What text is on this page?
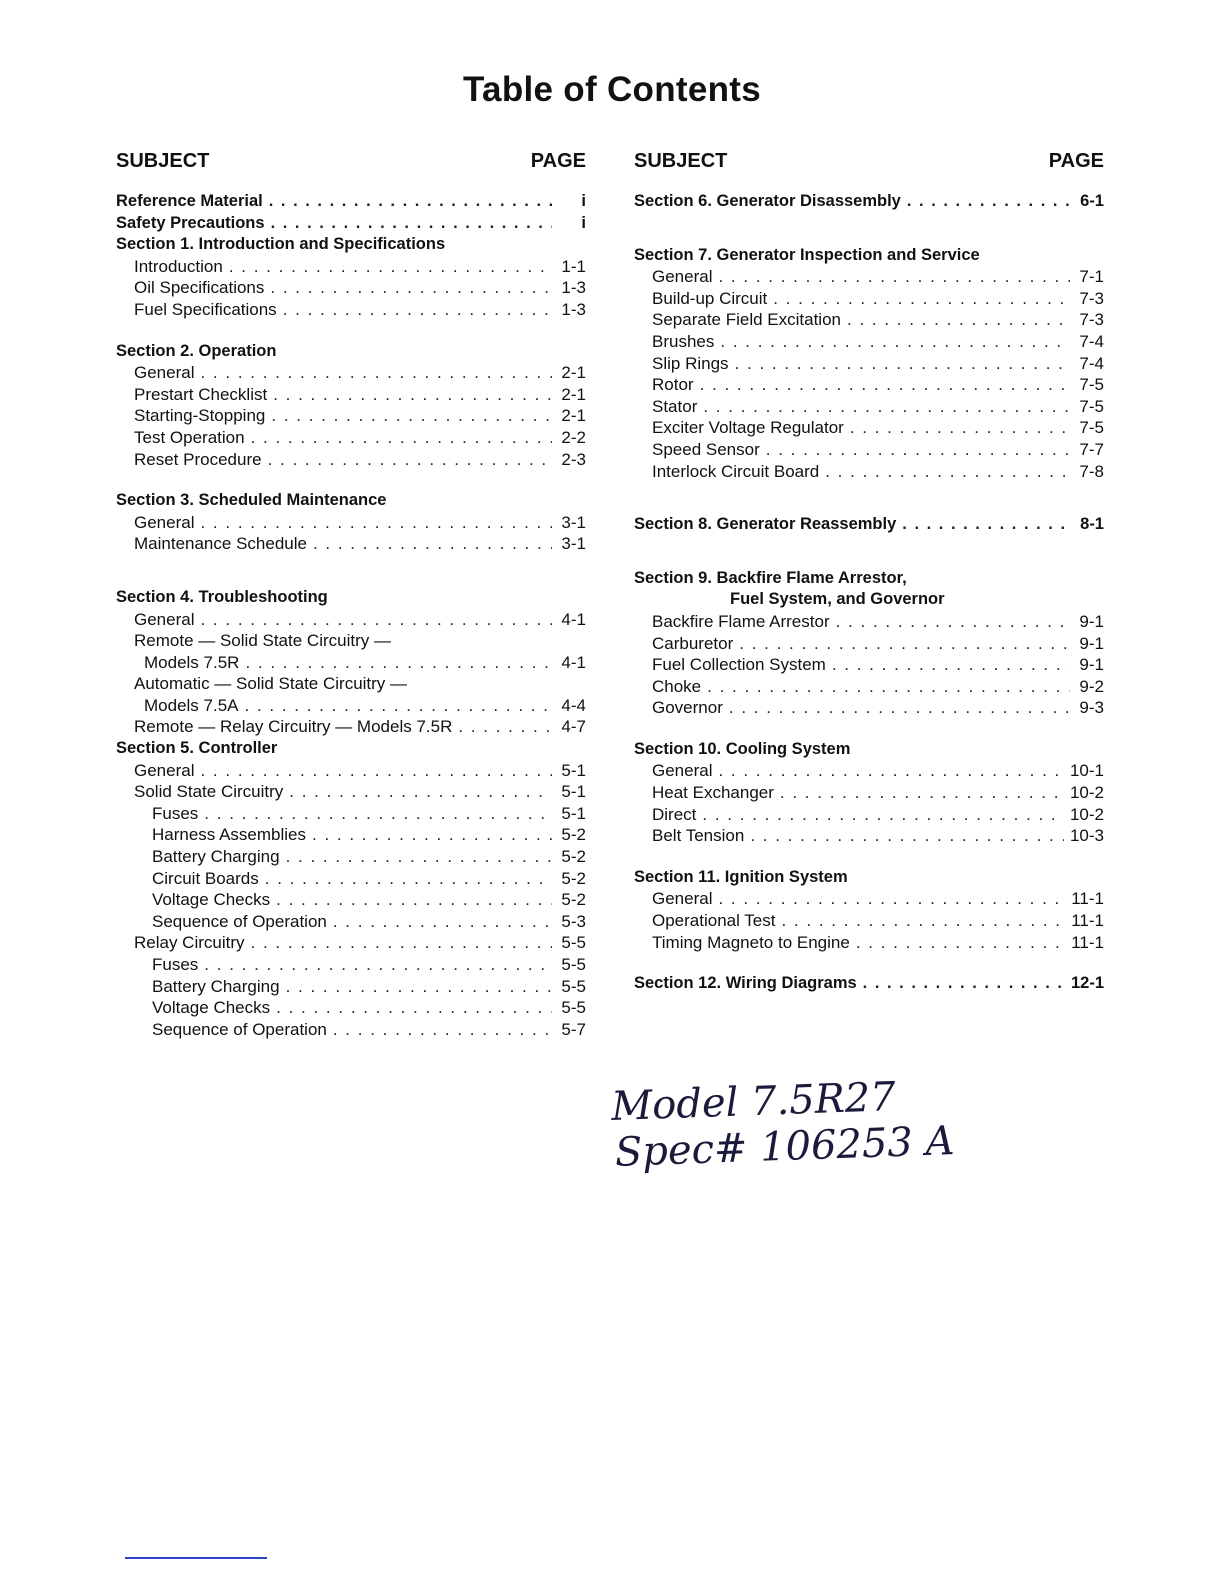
Table of Contents
SUBJECT	PAGE
Reference Material . . .	i
Safety Precautions . . .	i
Section 1. Introduction and Specifications
Introduction . . .	1-1
Oil Specifications . . .	1-3
Fuel Specifications . . .	1-3
Section 2. Operation
General . . .	2-1
Prestart Checklist . . .	2-1
Starting-Stopping . . .	2-1
Test Operation . . .	2-2
Reset Procedure . . .	2-3
Section 3. Scheduled Maintenance
General . . .	3-1
Maintenance Schedule . . .	3-1
Section 4. Troubleshooting
General . . .	4-1
Remote — Solid State Circuitry —
Models 7.5R . . .	4-1
Automatic — Solid State Circuitry —
Models 7.5A . . .	4-4
Remote — Relay Circuitry — Models 7.5R . . .	4-7
Section 5. Controller
General . . .	5-1
Solid State Circuitry . . .	5-1
Fuses . . .	5-1
Harness Assemblies . . .	5-2
Battery Charging . . .	5-2
Circuit Boards . . .	5-2
Voltage Checks . . .	5-2
Sequence of Operation . . .	5-3
Relay Circuitry . . .	5-5
Fuses . . .	5-5
Battery Charging . . .	5-5
Voltage Checks . . .	5-5
Sequence of Operation . . .	5-7
SUBJECT	PAGE
Section 6. Generator Disassembly . . .	6-1
Section 7. Generator Inspection and Service
General . . .	7-1
Build-up Circuit . . .	7-3
Separate Field Excitation . . .	7-3
Brushes . . .	7-4
Slip Rings . . .	7-4
Rotor . . .	7-5
Stator . . .	7-5
Exciter Voltage Regulator . . .	7-5
Speed Sensor . . .	7-7
Interlock Circuit Board . . .	7-8
Section 8. Generator Reassembly . . .	8-1
Section 9. Backfire Flame Arrestor,
Fuel System, and Governor
Backfire Flame Arrestor . . .	9-1
Carburetor . . .	9-1
Fuel Collection System . . .	9-1
Choke . . .	9-2
Governor . . .	9-3
Section 10. Cooling System
General . . .	10-1
Heat Exchanger . . .	10-2
Direct . . .	10-2
Belt Tension . . .	10-3
Section 11. Ignition System
General . . .	11-1
Operational Test . . .	11-1
Timing Magneto to Engine . . .	11-1
Section 12. Wiring Diagrams . . .	12-1
Model 7.5R27
Spec# 106253 A
